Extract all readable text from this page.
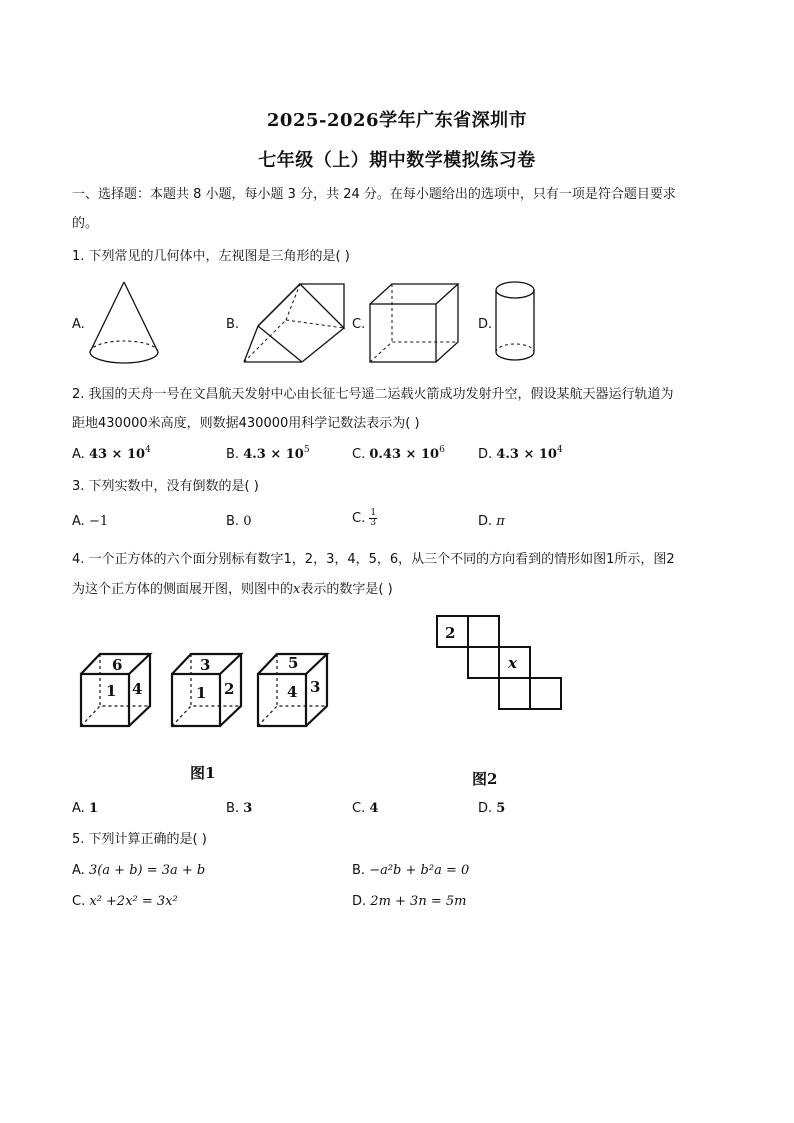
2025-2026学年广东省深圳市
七年级（上）期中数学模拟练习卷
一、选择题：本题共 8 小题，每小题 3 分，共 24 分。在每小题给出的选项中，只有一项是符合题目要求
的。
1. 下列常见的几何体中，左视图是三角形的是( )
A.	B.	C.	D.
2. 我国的天舟一号在文昌航天发射中心由长征七号遥二运载火箭成功发射升空，假设某航天器运行轨道为
距地430000米高度，则数据430000用科学记数法表示为( )
A. $43 \times 10^4$	B. $4.3 \times 10^5$	C. $0.43 \times 10^6$	D. $4.3 \times 10^4$
3. 下列实数中，没有倒数的是( )
A. −1	B. 0	C. $\frac{1}{3}$	D. π
4. 一个正方体的六个面分别标有数字1，2，3，4，5，6，从三个不同的方向看到的情形如图1所示，图2
为这个正方体的侧面展开图，则图中的x表示的数字是( )
6
1 4
3
1 2
5
4 3
图1
2
x
图2
A. 1	B. 3	C. 4	D. 5
5. 下列计算正确的是( )
A. 3(a + b) = 3a + b	B. −a²b + b²a = 0
C. x² +2x² = 3x²	D. 2m + 3n = 5m
